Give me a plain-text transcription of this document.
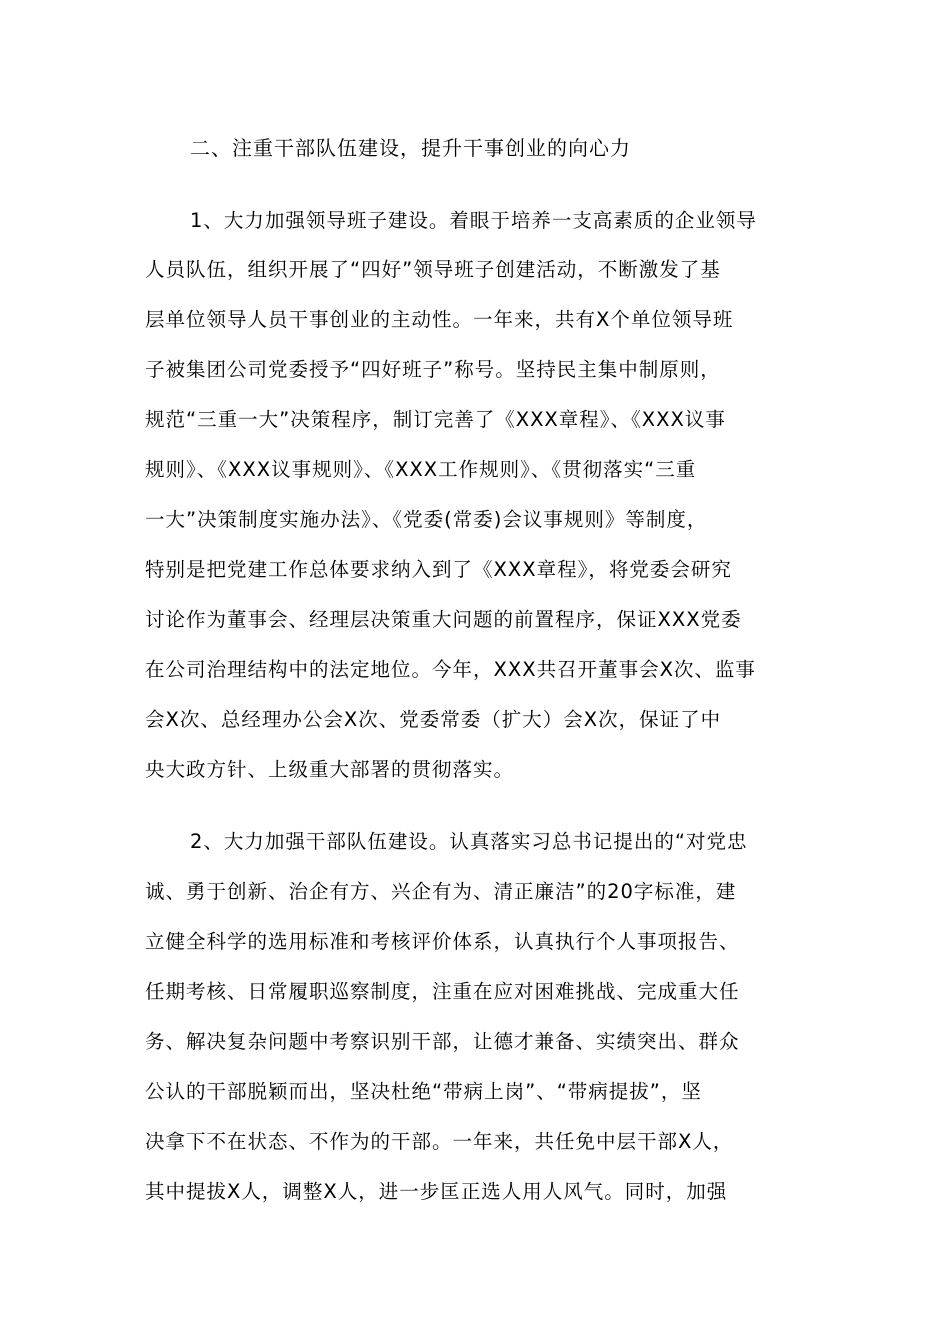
二、注重干部队伍建设，提升干事创业的向心力
1、大力加强领导班子建设。着眼于培养一支高素质的企业领导
人员队伍，组织开展了“四好”领导班子创建活动，不断激发了基
层单位领导人员干事创业的主动性。一年来，共有X个单位领导班
子被集团公司党委授予“四好班子”称号。坚持民主集中制原则，
规范“三重一大”决策程序，制订完善了《XXX章程》、《XXX议事
规则》、《XXX议事规则》、《XXX工作规则》、《贯彻落实“三重
一大”决策制度实施办法》、《党委(常委)会议事规则》等制度，
特别是把党建工作总体要求纳入到了《XXX章程》，将党委会研究
讨论作为董事会、经理层决策重大问题的前置程序，保证XXX党委
在公司治理结构中的法定地位。今年，XXX共召开董事会X次、监事
会X次、总经理办公会X次、党委常委（扩大）会X次，保证了中
央大政方针、上级重大部署的贯彻落实。
2、大力加强干部队伍建设。认真落实习总书记提出的“对党忠
诚、勇于创新、治企有方、兴企有为、清正廉洁”的20字标准，建
立健全科学的选用标准和考核评价体系，认真执行个人事项报告、
任期考核、日常履职巡察制度，注重在应对困难挑战、完成重大任
务、解决复杂问题中考察识别干部，让德才兼备、实绩突出、群众
公认的干部脱颖而出，坚决杜绝“带病上岗”、“带病提拔”，坚
决拿下不在状态、不作为的干部。一年来，共任免中层干部X人，
其中提拔X人，调整X人，进一步匡正选人用人风气。同时，加强
